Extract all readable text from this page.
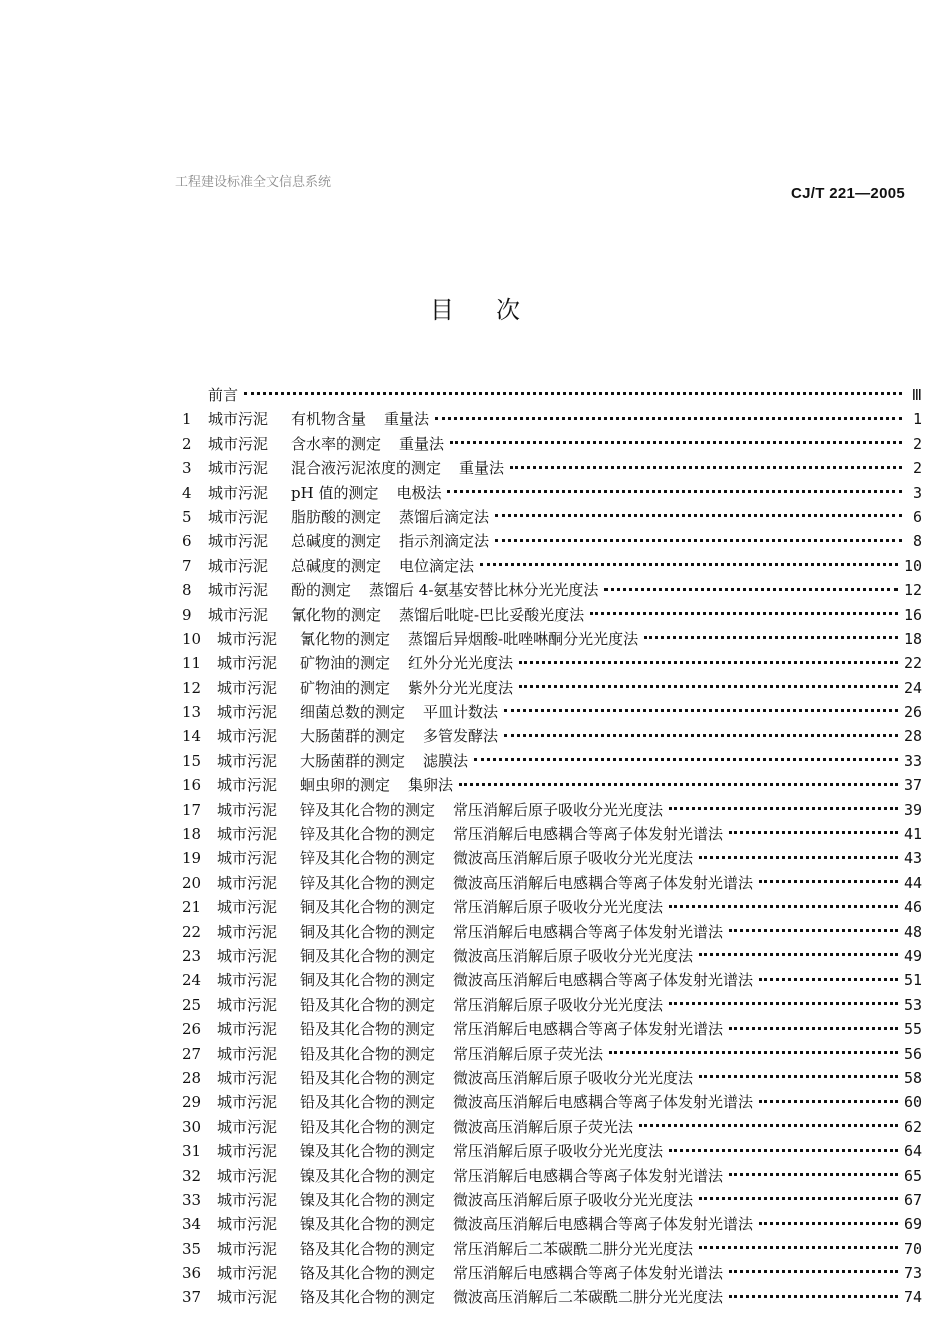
工程建设标准全文信息系统
CJ/T 221—2005
目次
前言	Ⅲ
1	城市污泥	有机物含量 重量法	1
2	城市污泥	含水率的测定 重量法	2
3	城市污泥	混合液污泥浓度的测定 重量法	2
4	城市污泥	pH 值的测定 电极法	3
5	城市污泥	脂肪酸的测定 蒸馏后滴定法	6
6	城市污泥	总碱度的测定 指示剂滴定法	8
7	城市污泥	总碱度的测定 电位滴定法	10
8	城市污泥	酚的测定 蒸馏后 4-氨基安替比林分光光度法	12
9	城市污泥	氰化物的测定 蒸馏后吡啶-巴比妥酸光度法	16
10	城市污泥	氰化物的测定 蒸馏后异烟酸-吡唑啉酮分光光度法	18
11	城市污泥	矿物油的测定 红外分光光度法	22
12	城市污泥	矿物油的测定 紫外分光光度法	24
13	城市污泥	细菌总数的测定 平皿计数法	26
14	城市污泥	大肠菌群的测定 多管发酵法	28
15	城市污泥	大肠菌群的测定 滤膜法	33
16	城市污泥	蛔虫卵的测定 集卵法	37
17	城市污泥	锌及其化合物的测定 常压消解后原子吸收分光光度法	39
18	城市污泥	锌及其化合物的测定 常压消解后电感耦合等离子体发射光谱法	41
19	城市污泥	锌及其化合物的测定 微波高压消解后原子吸收分光光度法	43
20	城市污泥	锌及其化合物的测定 微波高压消解后电感耦合等离子体发射光谱法	44
21	城市污泥	铜及其化合物的测定 常压消解后原子吸收分光光度法	46
22	城市污泥	铜及其化合物的测定 常压消解后电感耦合等离子体发射光谱法	48
23	城市污泥	铜及其化合物的测定 微波高压消解后原子吸收分光光度法	49
24	城市污泥	铜及其化合物的测定 微波高压消解后电感耦合等离子体发射光谱法	51
25	城市污泥	铅及其化合物的测定 常压消解后原子吸收分光光度法	53
26	城市污泥	铅及其化合物的测定 常压消解后电感耦合等离子体发射光谱法	55
27	城市污泥	铅及其化合物的测定 常压消解后原子荧光法	56
28	城市污泥	铅及其化合物的测定 微波高压消解后原子吸收分光光度法	58
29	城市污泥	铅及其化合物的测定 微波高压消解后电感耦合等离子体发射光谱法	60
30	城市污泥	铅及其化合物的测定 微波高压消解后原子荧光法	62
31	城市污泥	镍及其化合物的测定 常压消解后原子吸收分光光度法	64
32	城市污泥	镍及其化合物的测定 常压消解后电感耦合等离子体发射光谱法	65
33	城市污泥	镍及其化合物的测定 微波高压消解后原子吸收分光光度法	67
34	城市污泥	镍及其化合物的测定 微波高压消解后电感耦合等离子体发射光谱法	69
35	城市污泥	铬及其化合物的测定 常压消解后二苯碳酰二肼分光光度法	70
36	城市污泥	铬及其化合物的测定 常压消解后电感耦合等离子体发射光谱法	73
37	城市污泥	铬及其化合物的测定 微波高压消解后二苯碳酰二肼分光光度法	74
